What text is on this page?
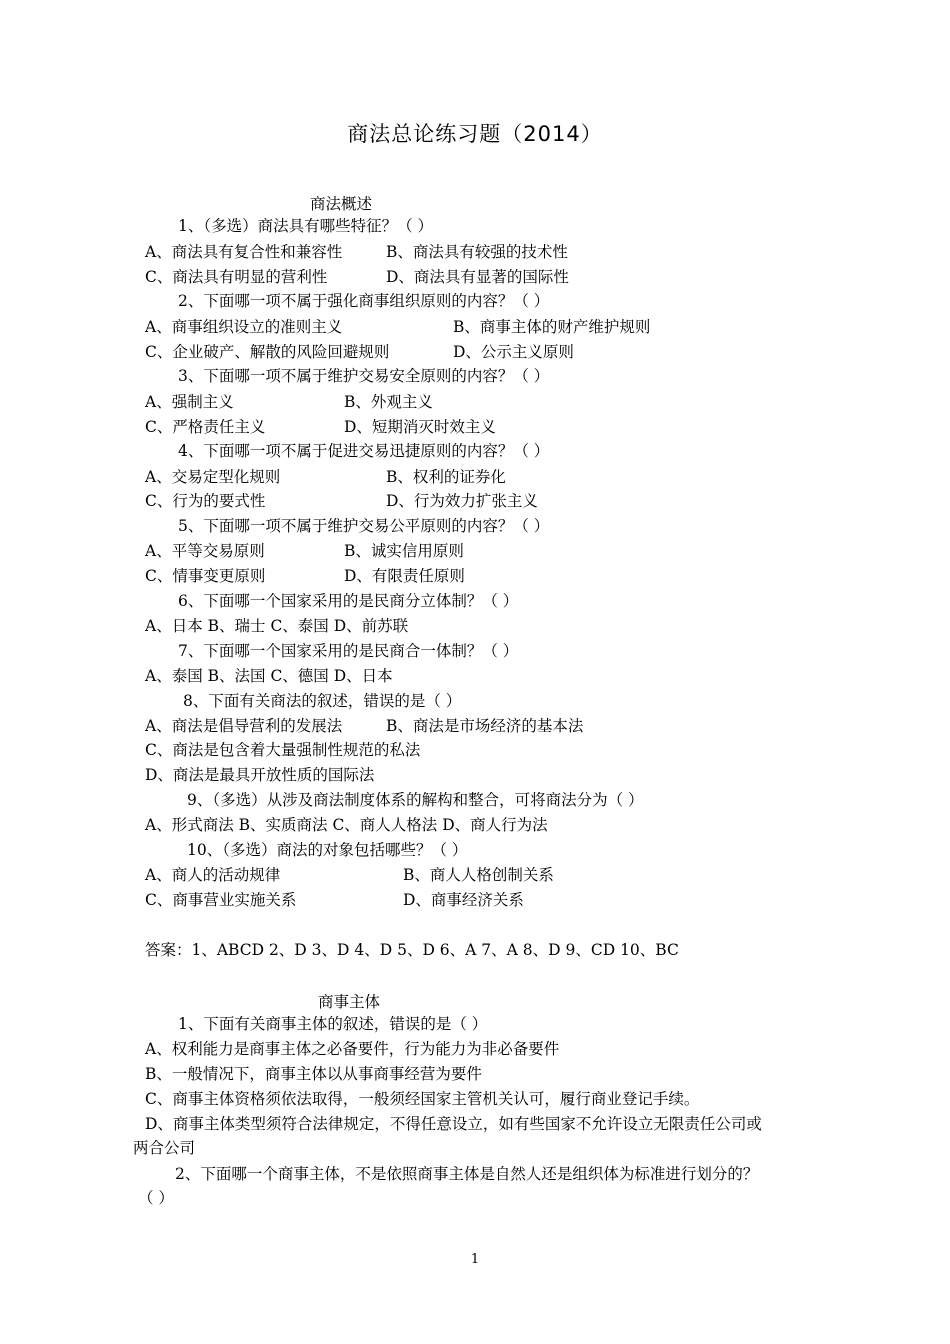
商法总论练习题（2014）
商法概述
1、（多选）商法具有哪些特征？（ ）
A、商法具有复合性和兼容性	B、商法具有较强的技术性
C、商法具有明显的营利性	D、商法具有显著的国际性
2、下面哪一项不属于强化商事组织原则的内容？（ ）
A、商事组织设立的准则主义	B、商事主体的财产维护规则
C、企业破产、解散的风险回避规则	D、公示主义原则
3、下面哪一项不属于维护交易安全原则的内容？（ ）
A、强制主义	B、外观主义
C、严格责任主义	D、短期消灭时效主义
4、下面哪一项不属于促进交易迅捷原则的内容？（ ）
A、交易定型化规则	B、权利的证券化
C、行为的要式性	D、行为效力扩张主义
5、下面哪一项不属于维护交易公平原则的内容？（ ）
A、平等交易原则	B、诚实信用原则
C、情事变更原则	D、有限责任原则
6、下面哪一个国家采用的是民商分立体制？（ ）
A、日本 B、瑞士 C、泰国 D、前苏联
7、下面哪一个国家采用的是民商合一体制？（ ）
A、泰国 B、法国 C、德国 D、日本
8、下面有关商法的叙述，错误的是（ ）
A、商法是倡导营利的发展法	B、商法是市场经济的基本法
C、商法是包含着大量强制性规范的私法
D、商法是最具开放性质的国际法
9、（多选）从涉及商法制度体系的解构和整合，可将商法分为（ ）
A、形式商法 B、实质商法 C、商人人格法 D、商人行为法
10、（多选）商法的对象包括哪些？（ ）
A、商人的活动规律	B、商人人格创制关系
C、商事营业实施关系	D、商事经济关系
答案：1、ABCD 2、D 3、D 4、D 5、D 6、A 7、A 8、D 9、CD 10、BC
商事主体
1、下面有关商事主体的叙述，错误的是（ ）
A、权利能力是商事主体之必备要件，行为能力为非必备要件
B、一般情况下，商事主体以从事商事经营为要件
C、商事主体资格须依法取得，一般须经国家主管机关认可，履行商业登记手续。
D、商事主体类型须符合法律规定，不得任意设立，如有些国家不允许设立无限责任公司或
两合公司
2、下面哪一个商事主体，不是依照商事主体是自然人还是组织体为标准进行划分的？
（ ）
1
